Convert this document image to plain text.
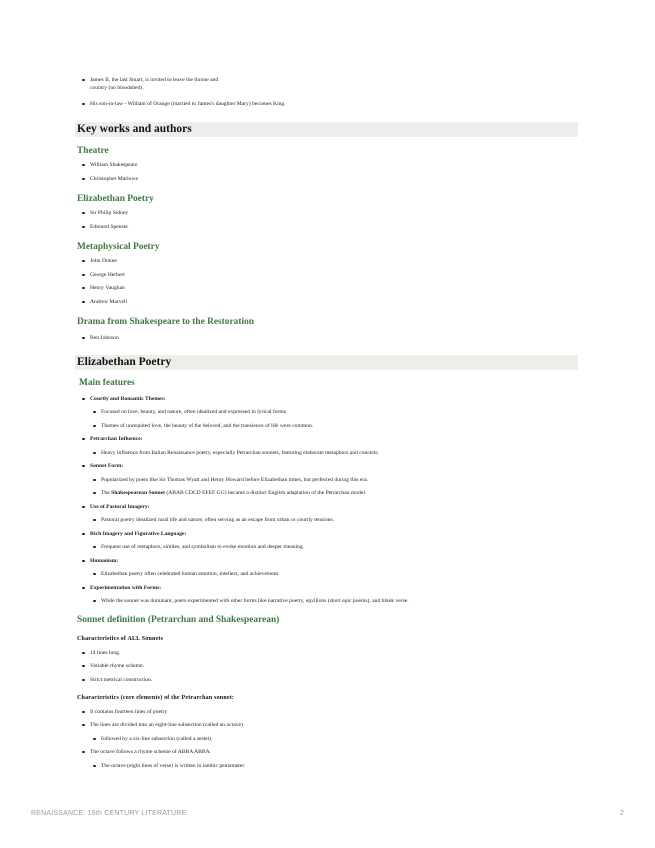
James II, the last Stuart, is invited to leave the throne and
country (no bloodshed).
His son-in-law - William of Orange (married to James's daughter Mary) becomes King.
Key works and authors
Theatre
William Shakespeare
Christopher Marlowe
Elizabethan Poetry
Sir Philip Sidney
Edmund Spenser
Metaphysical Poetry
John Donne
George Herbert
Henry Vaughan
Andrew Marvell
Drama from Shakespeare to the Restoration
Ben Johnson
Elizabethan Poetry
Main features
Courtly and Romantic Themes:
Focused on love, beauty, and nature, often idealized and expressed in lyrical forms.
Themes of unrequited love, the beauty of the beloved, and the transience of life were common.
Petrarchan Influence:
Heavy influence from Italian Renaissance poetry, especially Petrarchan sonnets, featuring elaborate metaphors and conceits.
Sonnet Form:
Popularized by poets like Sir Thomas Wyatt and Henry Howard before Elizabethan times, but perfected during this era.
The Shakespearean Sonnet (ABAB CDCD EFEF GG) became a distinct English adaptation of the Petrarchan model.
Use of Pastoral Imagery:
Pastoral poetry idealized rural life and nature, often serving as an escape from urban or courtly tensions.
Rich Imagery and Figurative Language:
Frequent use of metaphors, similes, and symbolism to evoke emotion and deeper meaning.
Humanism:
Elizabethan poetry often celebrated human emotion, intellect, and achievement.
Experimentation with Forms:
While the sonnet was dominant, poets experimented with other forms like narrative poetry, epyllions (short epic poems), and blank verse.
Sonnet definition (Petrarchan and Shakespearean)
Characteristics of ALL Sonnets
14 lines long.
Variable rhyme scheme.
Strict metrical construction.
Characteristics (core elements) of the Petrarchan sonnet:
It contains fourteen lines of poetry
The lines are divided into an eight-line subsection (called an octave)
followed by a six-line subsection (called a sestet).
The octave follows a rhyme scheme of ABBA ABBA.
The octave (eight lines of verse) is written in iambic pentameter
RENAISSANCE: 16th CENTURY LITERATURE	2
